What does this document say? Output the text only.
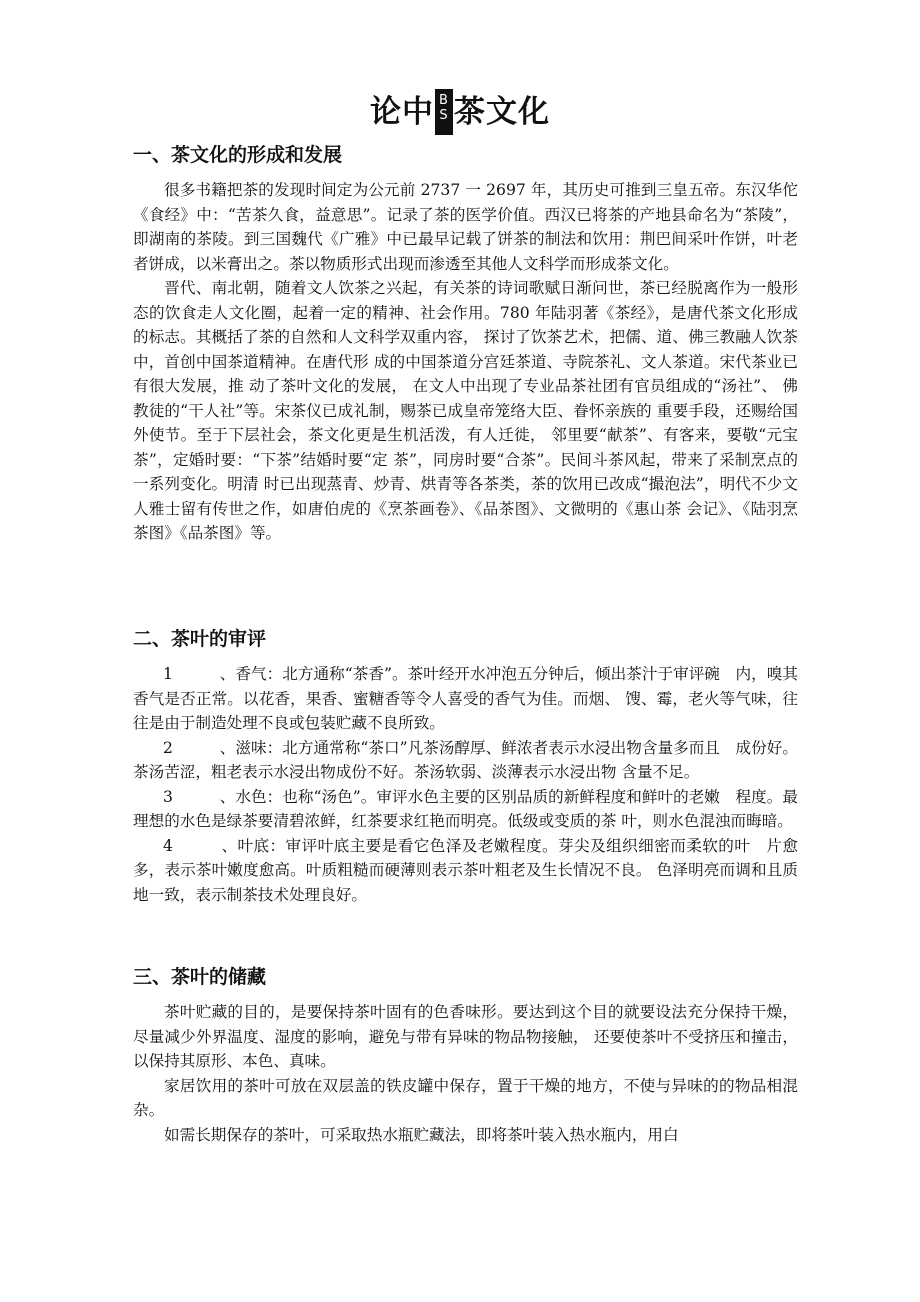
论中 B
S 茶文化
一、茶文化的形成和发展

很多书籍把茶的发现时间定为公元前 2737 一 2697 年，其历史可推到三皇五帝。东汉华佗《食经》中：“苦茶久食，益意思”。记录了茶的医学价值。西汉已将茶的产地县命名为“茶陵”，即湖南的茶陵。到三国魏代《广雅》中已最早记载了饼茶的制法和饮用：荆巴间采叶作饼，叶老者饼成，以米膏出之。茶以物质形式出现而渗透至其他人文科学而形成茶文化。

晋代、南北朝，随着文人饮茶之兴起，有关茶的诗词歌赋日渐问世，茶已经脱离作为一般形态的饮食走人文化圈，起着一定的精神、社会作用。780 年陆羽著《茶经》，是唐代茶文化形成的标志。其概括了茶的自然和人文科学双重内容， 探讨了饮茶艺术，把儒、道、佛三教融人饮茶中，首创中国茶道精神。在唐代形 成的中国茶道分宫廷茶道、寺院茶礼、文人茶道。宋代茶业已有很大发展，推 动了茶叶文化的发展， 在文人中出现了专业品茶社团有官员组成的“汤社”、 佛教徒的“干人社”等。宋茶仪已成礼制，赐茶已成皇帝笼络大臣、眷怀亲族的 重要手段，还赐给国外使节。至于下层社会，茶文化更是生机活泼，有人迁徙， 邻里要“献茶”、有客来，要敬“元宝茶”，定婚时要：“下茶”结婚时要“定 茶”，同房时要“合茶”。民间斗茶风起，带来了采制烹点的一系列变化。明清 时已出现蒸青、炒青、烘青等各茶类，茶的饮用已改成“撮泡法”，明代不少文 人雅士留有传世之作，如唐伯虎的《烹茶画卷》、《品茶图》、文微明的《惠山茶 会记》、《陆羽烹茶图》《品茶图》等。

二、茶叶的审评

1　　　、香气：北方通称“茶香”。茶叶经开水冲泡五分钟后，倾出茶汁于审评碗　内，嗅其香气是否正常。以花香，果香、蜜糖香等令人喜受的香气为佳。而烟、 馊、霉，老火等气味，往往是由于制造处理不良或包装贮藏不良所致。

2　　　、滋味：北方通常称“茶口”凡茶汤醇厚、鲜浓者表示水浸出物含量多而且　成份好。茶汤苦涩，粗老表示水浸出物成份不好。茶汤软弱、淡薄表示水浸出物 含量不足。

3　　　、水色：也称“汤色”。审评水色主要的区别品质的新鲜程度和鲜叶的老嫩　程度。最理想的水色是绿茶要清碧浓鲜，红茶要求红艳而明亮。低级或变质的茶 叶，则水色混浊而晦暗。

4　　　、叶底：审评叶底主要是看它色泽及老嫩程度。芽尖及组织细密而柔软的叶　片愈多，表示茶叶嫩度愈高。叶质粗糙而硬薄则表示茶叶粗老及生长情况不良。 色泽明亮而调和且质地一致，表示制茶技术处理良好。

三、茶叶的储藏

茶叶贮藏的目的，是要保持茶叶固有的色香味形。要达到这个目的就要设法充分保持干燥，尽量减少外界温度、湿度的影响，避免与带有异味的物品物接触， 还要使茶叶不受挤压和撞击，以保持其原形、本色、真味。

家居饮用的茶叶可放在双层盖的铁皮罐中保存，置于干燥的地方，不使与异味的的物品相混杂。

如需长期保存的茶叶，可采取热水瓶贮藏法，即将茶叶装入热水瓶内，用白
